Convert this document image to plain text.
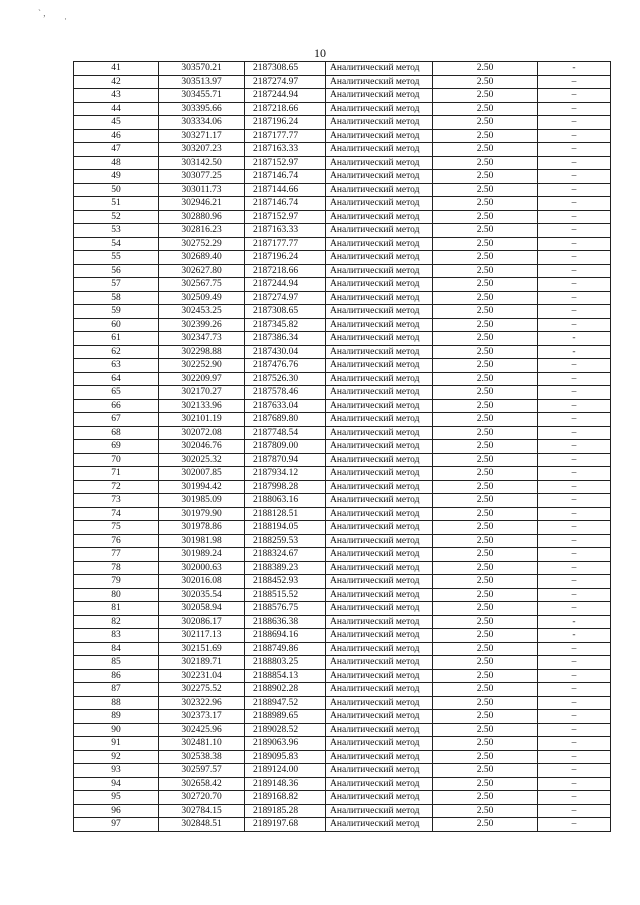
` ,
·
10
41	303570.21	2187308.65	Аналитический метод	2.50	-
42	303513.97	2187274.97	Аналитический метод	2.50	–
43	303455.71	2187244.94	Аналитический метод	2.50	–
44	303395.66	2187218.66	Аналитический метод	2.50	–
45	303334.06	2187196.24	Аналитический метод	2.50	–
46	303271.17	2187177.77	Аналитический метод	2.50	–
47	303207.23	2187163.33	Аналитический метод	2.50	–
48	303142.50	2187152.97	Аналитический метод	2.50	–
49	303077.25	2187146.74	Аналитический метод	2.50	–
50	303011.73	2187144.66	Аналитический метод	2.50	–
51	302946.21	2187146.74	Аналитический метод	2.50	–
52	302880.96	2187152.97	Аналитический метод	2.50	–
53	302816.23	2187163.33	Аналитический метод	2.50	–
54	302752.29	2187177.77	Аналитический метод	2.50	–
55	302689.40	2187196.24	Аналитический метод	2.50	–
56	302627.80	2187218.66	Аналитический метод	2.50	–
57	302567.75	2187244.94	Аналитический метод	2.50	–
58	302509.49	2187274.97	Аналитический метод	2.50	–
59	302453.25	2187308.65	Аналитический метод	2.50	–
60	302399.26	2187345.82	Аналитический метод	2.50	–
61	302347.73	2187386.34	Аналитический метод	2.50	-
62	302298.88	2187430.04	Аналитический метод	2.50	-
63	302252.90	2187476.76	Аналитический метод	2.50	–
64	302209.97	2187526.30	Аналитический метод	2.50	–
65	302170.27	2187578.46	Аналитический метод	2.50	–
66	302133.96	2187633.04	Аналитический метод	2.50	–
67	302101.19	2187689.80	Аналитический метод	2.50	–
68	302072.08	2187748.54	Аналитический метод	2.50	–
69	302046.76	2187809.00	Аналитический метод	2.50	–
70	302025.32	2187870.94	Аналитический метод	2.50	–
71	302007.85	2187934.12	Аналитический метод	2.50	–
72	301994.42	2187998.28	Аналитический метод	2.50	–
73	301985.09	2188063.16	Аналитический метод	2.50	–
74	301979.90	2188128.51	Аналитический метод	2.50	–
75	301978.86	2188194.05	Аналитический метод	2.50	–
76	301981.98	2188259.53	Аналитический метод	2.50	–
77	301989.24	2188324.67	Аналитический метод	2.50	–
78	302000.63	2188389.23	Аналитический метод	2.50	–
79	302016.08	2188452.93	Аналитический метод	2.50	–
80	302035.54	2188515.52	Аналитический метод	2.50	–
81	302058.94	2188576.75	Аналитический метод	2.50	–
82	302086.17	2188636.38	Аналитический метод	2.50	-
83	302117.13	2188694.16	Аналитический метод	2.50	-
84	302151.69	2188749.86	Аналитический метод	2.50	–
85	302189.71	2188803.25	Аналитический метод	2.50	–
86	302231.04	2188854.13	Аналитический метод	2.50	–
87	302275.52	2188902.28	Аналитический метод	2.50	–
88	302322.96	2188947.52	Аналитический метод	2.50	–
89	302373.17	2188989.65	Аналитический метод	2.50	–
90	302425.96	2189028.52	Аналитический метод	2.50	–
91	302481.10	2189063.96	Аналитический метод	2.50	–
92	302538.38	2189095.83	Аналитический метод	2.50	–
93	302597.57	2189124.00	Аналитический метод	2.50	–
94	302658.42	2189148.36	Аналитический метод	2.50	–
95	302720.70	2189168.82	Аналитический метод	2.50	–
96	302784.15	2189185.28	Аналитический метод	2.50	–
97	302848.51	2189197.68	Аналитический метод	2.50	–
